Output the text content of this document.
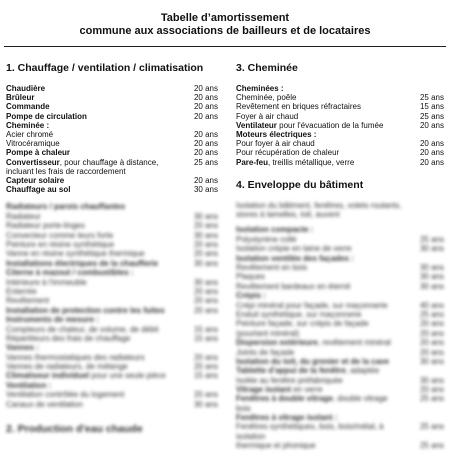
Tabelle d’amortissement
commune aux associations de bailleurs et de locataires
1. Chauffage / ventilation / climatisation
Chaudière	20 ans
Brûleur	20 ans
Commande	20 ans
Pompe de circulation	20 ans
Cheminée :
Acier chromé	20 ans
Vitrocéramique	20 ans
Pompe à chaleur	20 ans
Convertisseur, pour chauffage à distance, incluant les frais de raccordement
25 ans
Capteur solaire	20 ans
Chauffage au sol	30 ans
Radiateurs / parois chauffantes
Radiateur	30 ans
Radiateur porte-linges	20 ans
Convecteur comme leurs forte	30 ans
Peinture en résine synthétique	20 ans
Vanne en résine synthétique thermique	20 ans
Installations électriques de la chaufferie	30 ans
Citerne à mazout / combustibles :
Intérieure à l'immeuble	30 ans
Enterrée	20 ans
Revêtement	20 ans
Installation de protection contre les fuites	20 ans
Instruments de mesure :
Compteurs de chaleur, de volume, de débit	15 ans
Répartiteurs des frais de chauffage	15 ans
Vannes :
Vannes thermostatiques des radiateurs	20 ans
Vannes de radiateurs, de mélange	20 ans
Climatiseur individuel pour une seule pièce	15 ans
Ventilation :
Ventilation contrôlée du logement	20 ans
Canaux de ventilation	30 ans
2. Production d'eau chaude
3. Cheminée
Cheminées :
Cheminée, poêle	25 ans
Revêtement en briques réfractaires	15 ans
Foyer à air chaud	25 ans
Ventilateur pour l'évacuation de la fumée	20 ans
Moteurs électriques :
Pour foyer à air chaud	20 ans
Pour récupération de chaleur	20 ans
Pare-feu, treillis métallique, verre	20 ans
4. Enveloppe du bâtiment
Isolation du bâtiment, fenêtres, volets roulants, stores à lamelles, toit, auvent
Isolation compacte :
Polystyrène collé	25 ans
Isolation crépie en laine de verre	30 ans
Isolation ventilée des façades :
Revêtement en bois	30 ans
Plaques	30 ans
Revêtement bardeaux en éternit	30 ans
Crépis :
Crépi minéral pour façade, sur maçonnerie	40 ans
Enduit synthétique, sur maçonnerie	25 ans
Peinture façade, sur crépis de façade	20 ans
(pourtant minéral)	20 ans
Dispersion extérieure, revêtement minéral	20 ans
Joints de façade	20 ans
Isolation du toit, du grenier et de la cave	30 ans
Tablette d'appui de la fenêtre, adaptée
Isolée au fenêtre préfabriquée	30 ans
Vitrage isolant en verre	20 ans
Fenêtres à double vitrage, double vitrage bois
25 ans
Fenêtres à vitrage isolant :
Fenêtres synthétiques, bois, bois/métal, à isolation
25 ans
thermique et phonique	25 ans
